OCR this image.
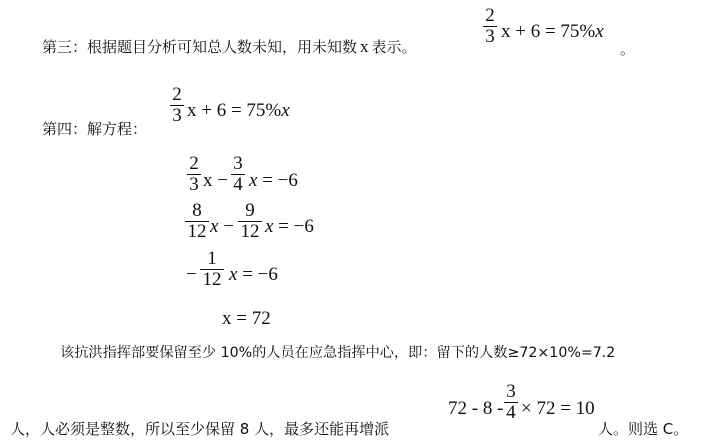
第三：根据题目分析可知总人数未知，用未知数 x 表示。
2
3 x + 6 = 75%x
。
第四：解方程：
2
3 x + 6 = 75%x
2
3 x −
3
4 x = −6
8
12 x −
9
12 x = −6
−
1
12 x = −6
x = 72
该抗洪指挥部要保留至少 10%的人员在应急指挥中心，即：留下的人数≥72×10%=7.2
人，人必须是整数，所以至少保留 8 人，最多还能再增派
72 - 8 -
3
4 × 72 = 10
人。则选 C。
